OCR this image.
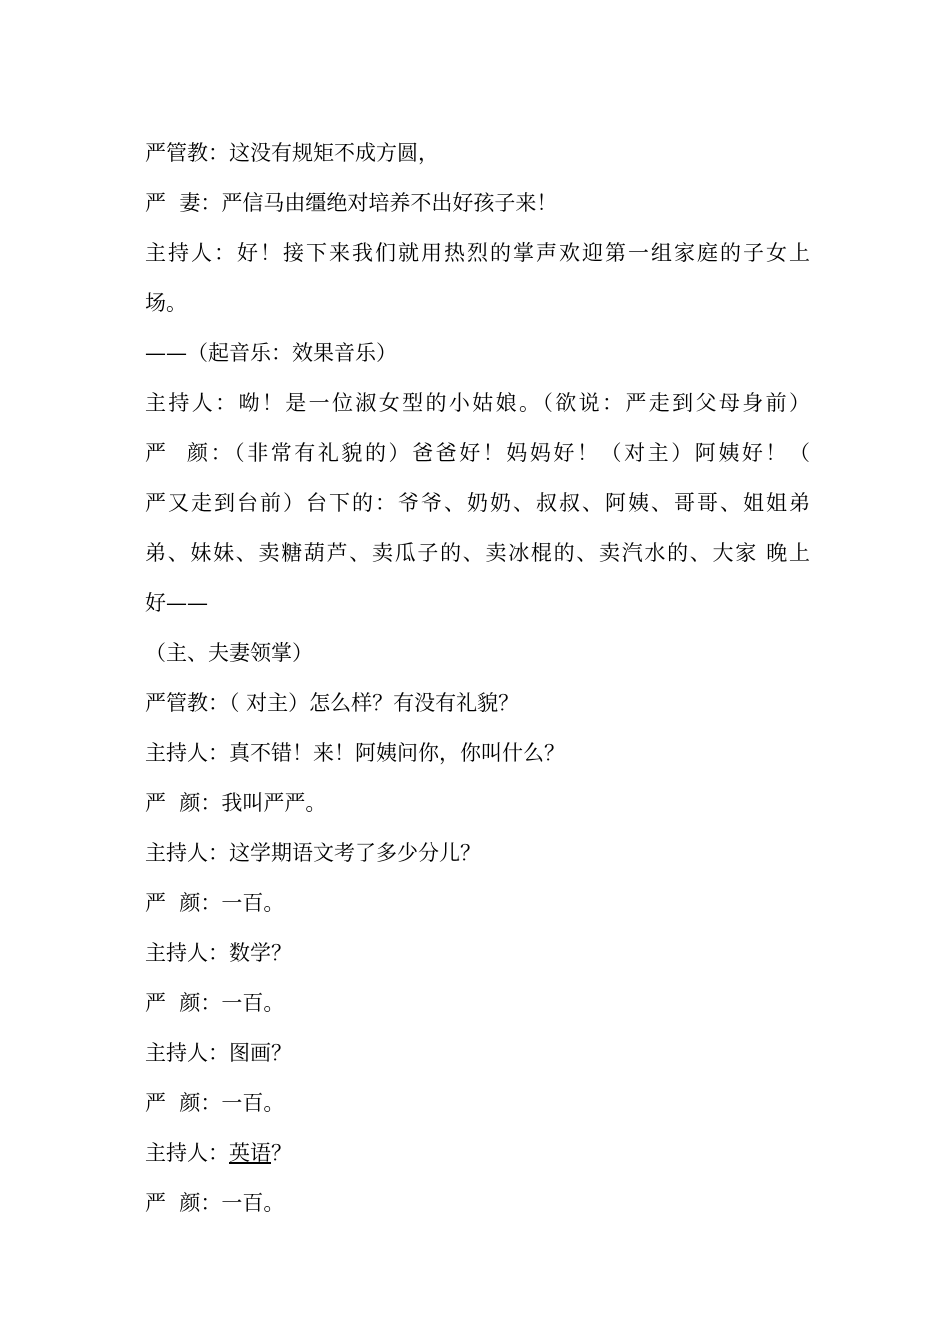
严管教：这没有规矩不成方圆，
严  妻：严信马由缰绝对培养不出好孩子来！
主持人：好！接下来我们就用热烈的掌声欢迎第一组家庭的子女上
场。
——（起音乐：效果音乐）
主持人：呦！是一位淑女型的小姑娘。（欲说：严走到父母身前）
严  颜：（非常有礼貌的）爸爸好！妈妈好！（对主）阿姨好！（
严又走到台前）台下的：爷爷、奶奶、叔叔、阿姨、哥哥、姐姐弟
弟、妹妹、卖糖葫芦、卖瓜子的、卖冰棍的、卖汽水的、大家 晚上
好——
（主、夫妻领掌）
严管教：（ 对主）怎么样？有没有礼貌？
主持人：真不错！来！阿姨问你，你叫什么？
严  颜：我叫严严。
主持人：这学期语文考了多少分儿？
严  颜：一百。
主持人：数学？
严  颜：一百。
主持人：图画？
严  颜：一百。
主持人：英语？
严  颜：一百。
